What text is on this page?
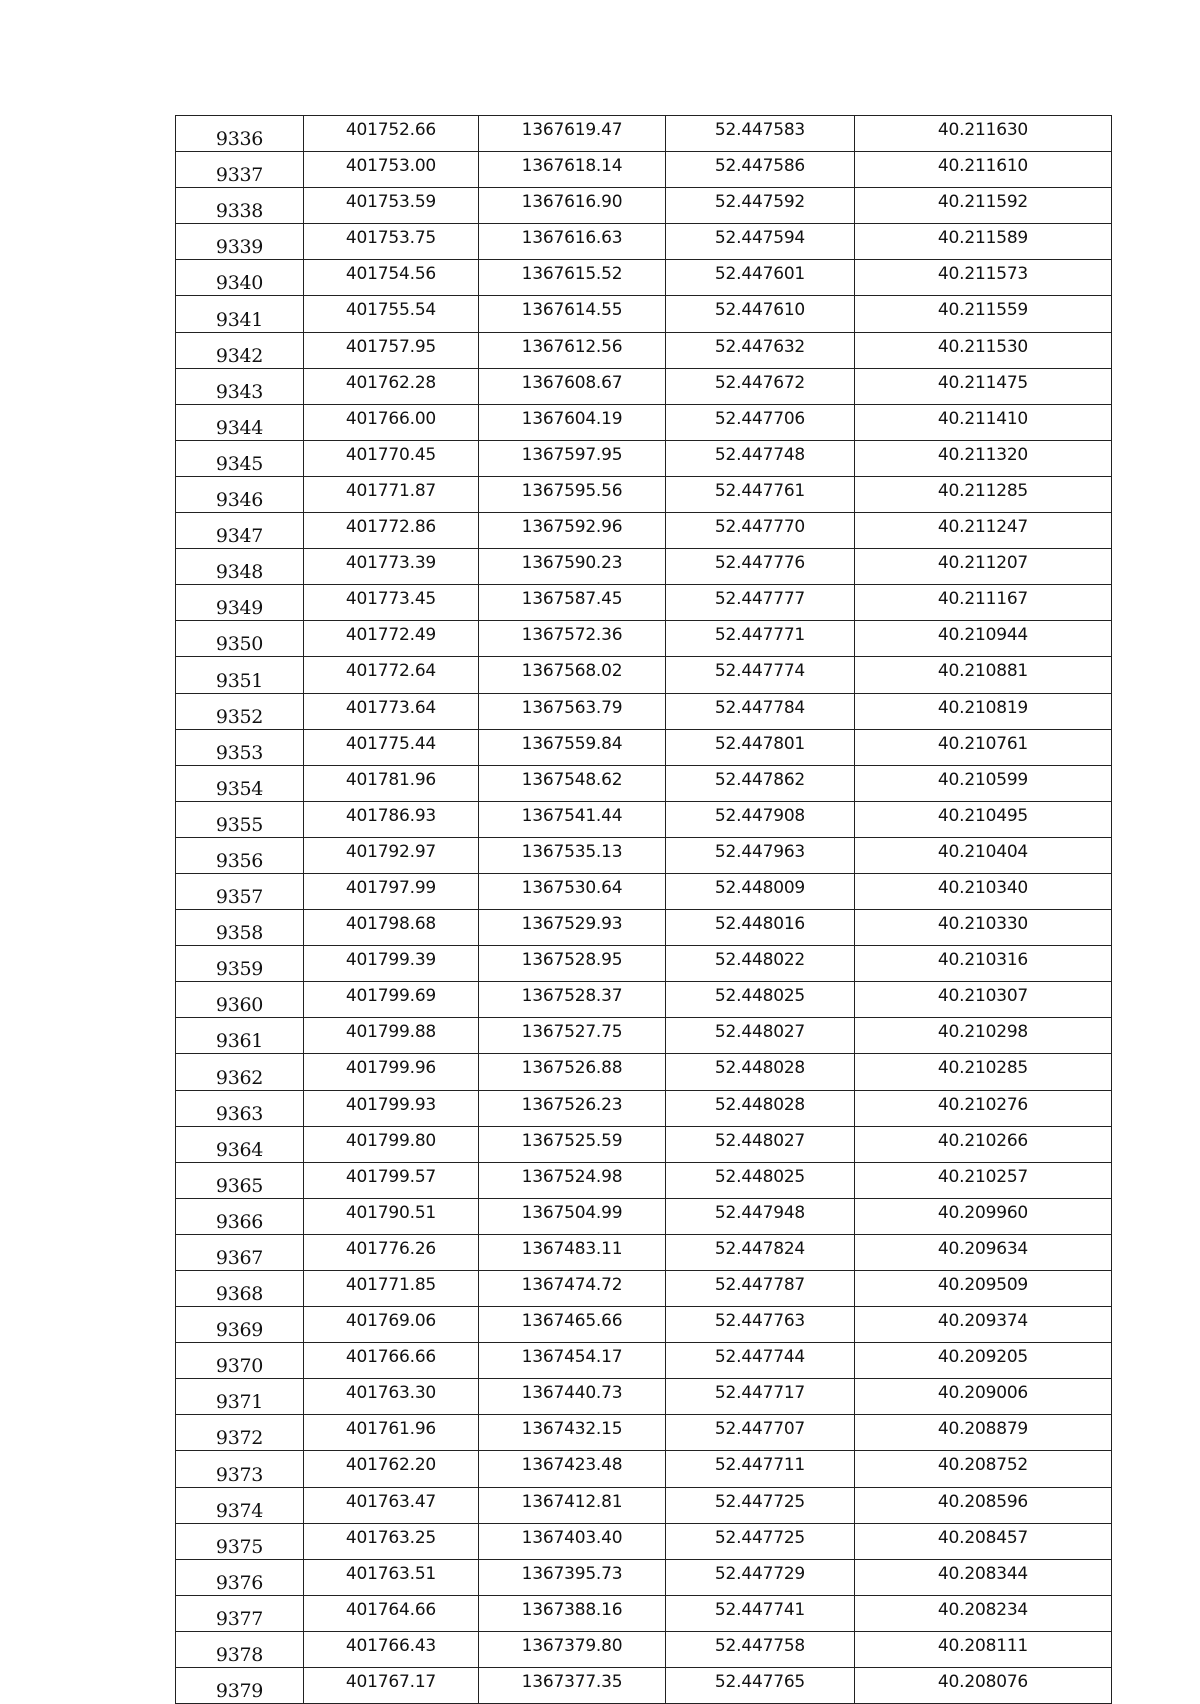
9336	401752.66	1367619.47	52.447583	40.211630
9337	401753.00	1367618.14	52.447586	40.211610
9338	401753.59	1367616.90	52.447592	40.211592
9339	401753.75	1367616.63	52.447594	40.211589
9340	401754.56	1367615.52	52.447601	40.211573
9341	401755.54	1367614.55	52.447610	40.211559
9342	401757.95	1367612.56	52.447632	40.211530
9343	401762.28	1367608.67	52.447672	40.211475
9344	401766.00	1367604.19	52.447706	40.211410
9345	401770.45	1367597.95	52.447748	40.211320
9346	401771.87	1367595.56	52.447761	40.211285
9347	401772.86	1367592.96	52.447770	40.211247
9348	401773.39	1367590.23	52.447776	40.211207
9349	401773.45	1367587.45	52.447777	40.211167
9350	401772.49	1367572.36	52.447771	40.210944
9351	401772.64	1367568.02	52.447774	40.210881
9352	401773.64	1367563.79	52.447784	40.210819
9353	401775.44	1367559.84	52.447801	40.210761
9354	401781.96	1367548.62	52.447862	40.210599
9355	401786.93	1367541.44	52.447908	40.210495
9356	401792.97	1367535.13	52.447963	40.210404
9357	401797.99	1367530.64	52.448009	40.210340
9358	401798.68	1367529.93	52.448016	40.210330
9359	401799.39	1367528.95	52.448022	40.210316
9360	401799.69	1367528.37	52.448025	40.210307
9361	401799.88	1367527.75	52.448027	40.210298
9362	401799.96	1367526.88	52.448028	40.210285
9363	401799.93	1367526.23	52.448028	40.210276
9364	401799.80	1367525.59	52.448027	40.210266
9365	401799.57	1367524.98	52.448025	40.210257
9366	401790.51	1367504.99	52.447948	40.209960
9367	401776.26	1367483.11	52.447824	40.209634
9368	401771.85	1367474.72	52.447787	40.209509
9369	401769.06	1367465.66	52.447763	40.209374
9370	401766.66	1367454.17	52.447744	40.209205
9371	401763.30	1367440.73	52.447717	40.209006
9372	401761.96	1367432.15	52.447707	40.208879
9373	401762.20	1367423.48	52.447711	40.208752
9374	401763.47	1367412.81	52.447725	40.208596
9375	401763.25	1367403.40	52.447725	40.208457
9376	401763.51	1367395.73	52.447729	40.208344
9377	401764.66	1367388.16	52.447741	40.208234
9378	401766.43	1367379.80	52.447758	40.208111
9379	401767.17	1367377.35	52.447765	40.208076
